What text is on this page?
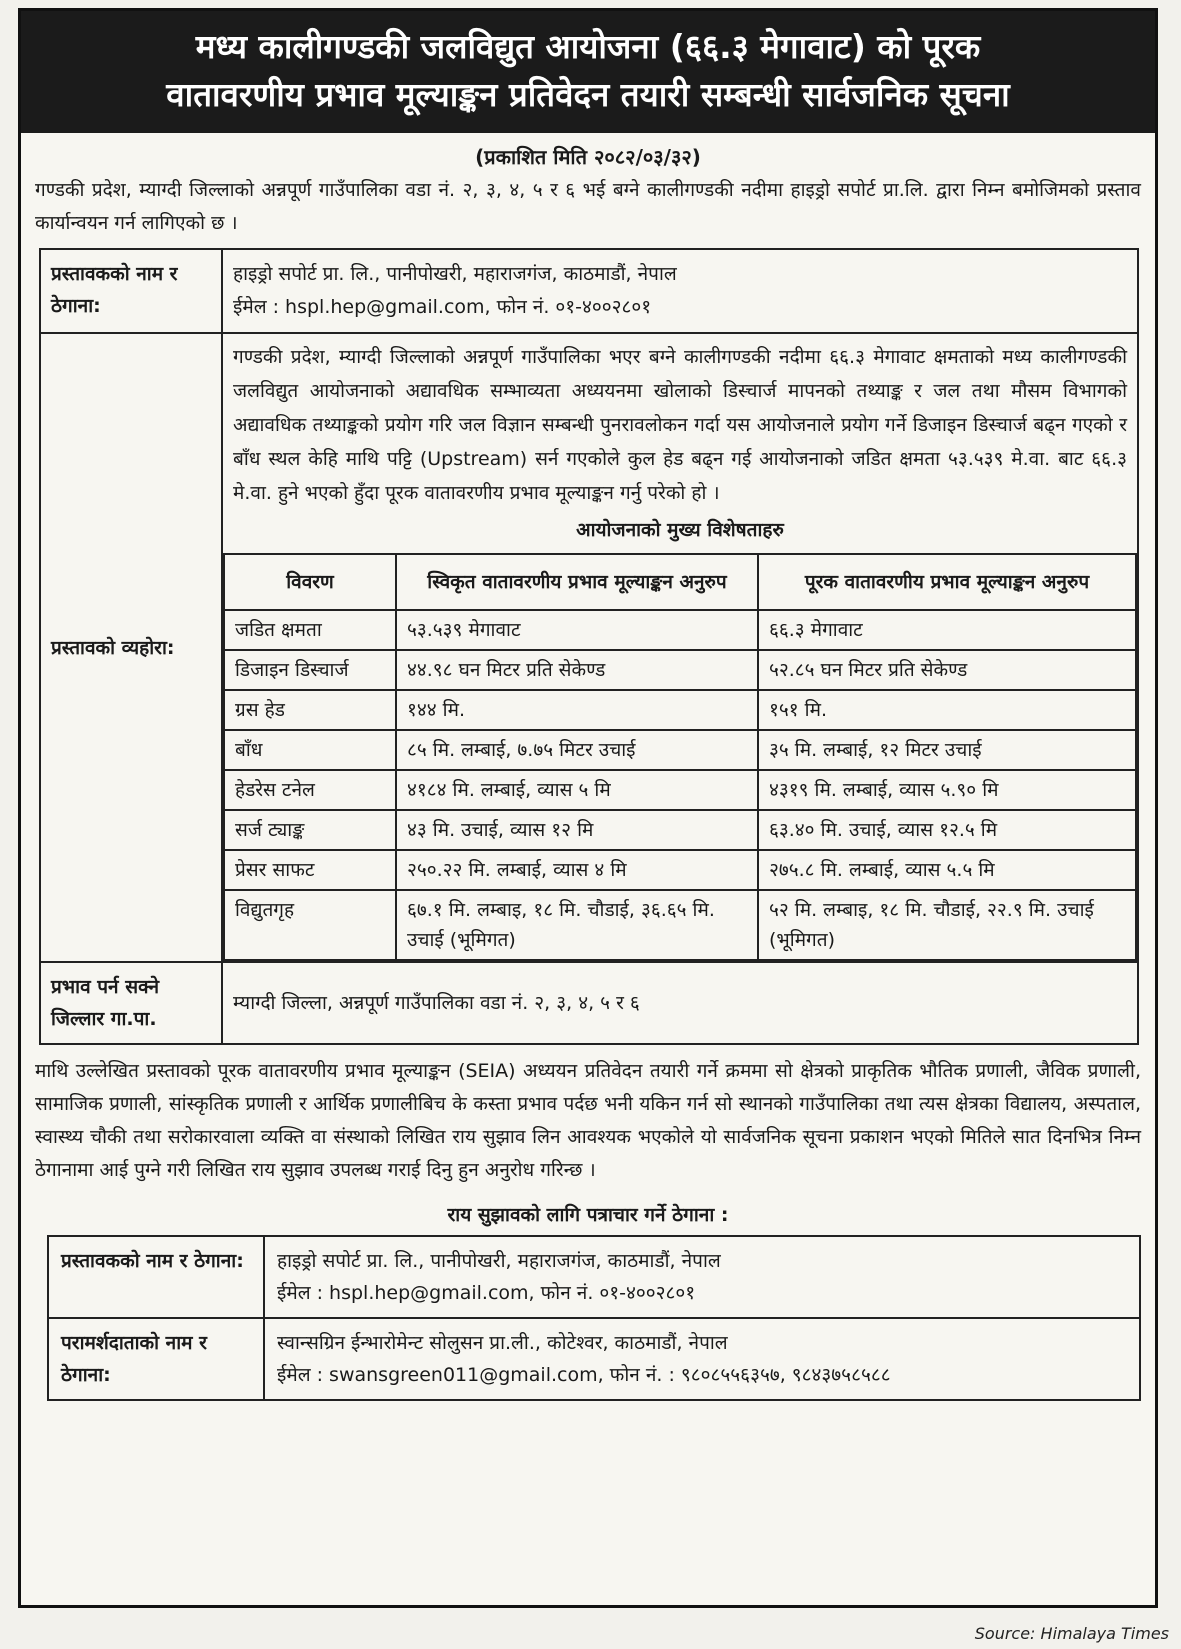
मध्य कालीगण्डकी जलविद्युत आयोजना (६६.३ मेगावाट) को पूरक
वातावरणीय प्रभाव मूल्याङ्कन प्रतिवेदन तयारी सम्बन्धी सार्वजनिक सूचना
(प्रकाशित मिति २०८२/०३/३२)
गण्डकी प्रदेश, म्याग्दी जिल्लाको अन्नपूर्ण गाउँपालिका वडा नं. २, ३, ४, ५ र ६ भई बग्ने कालीगण्डकी नदीमा हाइड्रो सपोर्ट प्रा.लि. द्वारा निम्न बमोजिमको प्रस्ताव कार्यान्वयन गर्न लागिएको छ ।
प्रस्तावकको नाम र ठेगाना:	
हाइड्रो सपोर्ट प्रा. लि., पानीपोखरी, महाराजगंज, काठमाडौं, नेपाल
ईमेल : hspl.hep@gmail.com, फोन नं. ०१-४००२८०१

प्रस्तावको व्यहोरा:	
गण्डकी प्रदेश, म्याग्दी जिल्लाको अन्नपूर्ण गाउँपालिका भएर बग्ने कालीगण्डकी नदीमा ६६.३ मेगावाट क्षमताको मध्य कालीगण्डकी जलविद्युत आयोजनाको अद्यावधिक सम्भाव्यता अध्ययनमा खोलाको डिस्चार्ज मापनको तथ्याङ्क र जल तथा मौसम विभागको अद्यावधिक तथ्याङ्कको प्रयोग गरि जल विज्ञान सम्बन्धी पुनरावलोकन गर्दा यस आयोजनाले प्रयोग गर्ने डिजाइन डिस्चार्ज बढ्न गएको र बाँध स्थल केहि माथि पट्टि (Upstream) सर्न गएकोले कुल हेड बढ्न गई आयोजनाको जडित क्षमता ५३.५३९ मे.वा. बाट ६६.३ मे.वा. हुने भएको हुँदा पूरक वातावरणीय प्रभाव मूल्याङ्कन गर्नु परेको हो ।
आयोजनाको मुख्य विशेषताहरु
विवरण	स्विकृत वातावरणीय प्रभाव मूल्याङ्कन अनुरुप	पूरक वातावरणीय प्रभाव मूल्याङ्कन अनुरुप
जडित क्षमता	५३.५३९ मेगावाट	६६.३ मेगावाट
डिजाइन डिस्चार्ज	४४.९८ घन मिटर प्रति सेकेण्ड	५२.८५ घन मिटर प्रति सेकेण्ड
ग्रस हेड	१४४ मि.	१५१ मि.
बाँध	८५ मि. लम्बाई, ७.७५ मिटर उचाई	३५ मि. लम्बाई, १२ मिटर उचाई
हेडरेस टनेल	४१८४ मि. लम्बाई, व्यास ५ मि	४३१९ मि. लम्बाई, व्यास ५.९० मि
सर्ज ट्याङ्क	४३ मि. उचाई, व्यास १२ मि	६३.४० मि. उचाई, व्यास १२.५ मि
प्रेसर साफट	२५०.२२ मि. लम्बाई, व्यास ४ मि	२७५.८ मि. लम्बाई, व्यास ५.५ मि
विद्युतगृह	६७.१ मि. लम्बाइ, १८ मि. चौडाई, ३६.६५ मि. उचाई (भूमिगत)	५२ मि. लम्बाइ, १८ मि. चौडाई, २२.९ मि. उचाई (भूमिगत)

प्रभाव पर्न सक्ने जिल्लार गा.पा.	म्याग्दी जिल्ला, अन्नपूर्ण गाउँपालिका वडा नं. २, ३, ४, ५ र ६
माथि उल्लेखित प्रस्तावको पूरक वातावरणीय प्रभाव मूल्याङ्कन (SEIA) अध्ययन प्रतिवेदन तयारी गर्ने क्रममा सो क्षेत्रको प्राकृतिक भौतिक प्रणाली, जैविक प्रणाली, सामाजिक प्रणाली, सांस्कृतिक प्रणाली र आर्थिक प्रणालीबिच के कस्ता प्रभाव पर्दछ भनी यकिन गर्न सो स्थानको गाउँपालिका तथा त्यस क्षेत्रका विद्यालय, अस्पताल, स्वास्थ्य चौकी तथा सरोकारवाला व्यक्ति वा संस्थाको लिखित राय सुझाव लिन आवश्यक भएकोले यो सार्वजनिक सूचना प्रकाशन भएको मितिले सात दिनभित्र निम्न ठेगानामा आई पुग्ने गरी लिखित राय सुझाव उपलब्ध गराई दिनु हुन अनुरोध गरिन्छ ।
राय सुझावको लागि पत्राचार गर्ने ठेगाना :
प्रस्तावकको नाम र ठेगाना:	हाइड्रो सपोर्ट प्रा. लि., पानीपोखरी, महाराजगंज, काठमाडौं, नेपाल
ईमेल : hspl.hep@gmail.com, फोन नं. ०१-४००२८०१

परामर्शदाताको नाम र ठेगाना:	स्वान्सग्रिन ईन्भारोमेन्ट सोलुसन प्रा.ली., कोटेश्वर, काठमाडौं, नेपाल
ईमेल : swansgreen011@gmail.com, फोन नं. : ९८०८५५६३५७, ९८४३७५८५८८
Source: Himalaya Times
